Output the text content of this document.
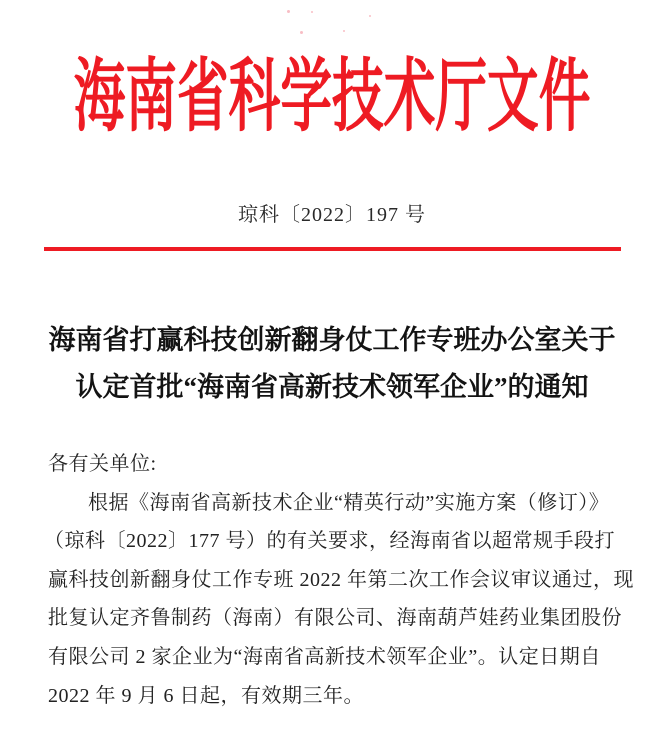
海南省科学技术厅文件
琼科〔2022〕197 号
海南省打赢科技创新翻身仗工作专班办公室关于
认定首批“海南省高新技术领军企业”的通知
各有关单位:
根据《海南省高新技术企业“精英行动”实施方案（修订）》
（琼科〔2022〕177 号）的有关要求，经海南省以超常规手段打
赢科技创新翻身仗工作专班 2022 年第二次工作会议审议通过，现
批复认定齐鲁制药（海南）有限公司、海南葫芦娃药业集团股份
有限公司 2 家企业为“海南省高新技术领军企业”。认定日期自
2022 年 9 月 6 日起，有效期三年。
